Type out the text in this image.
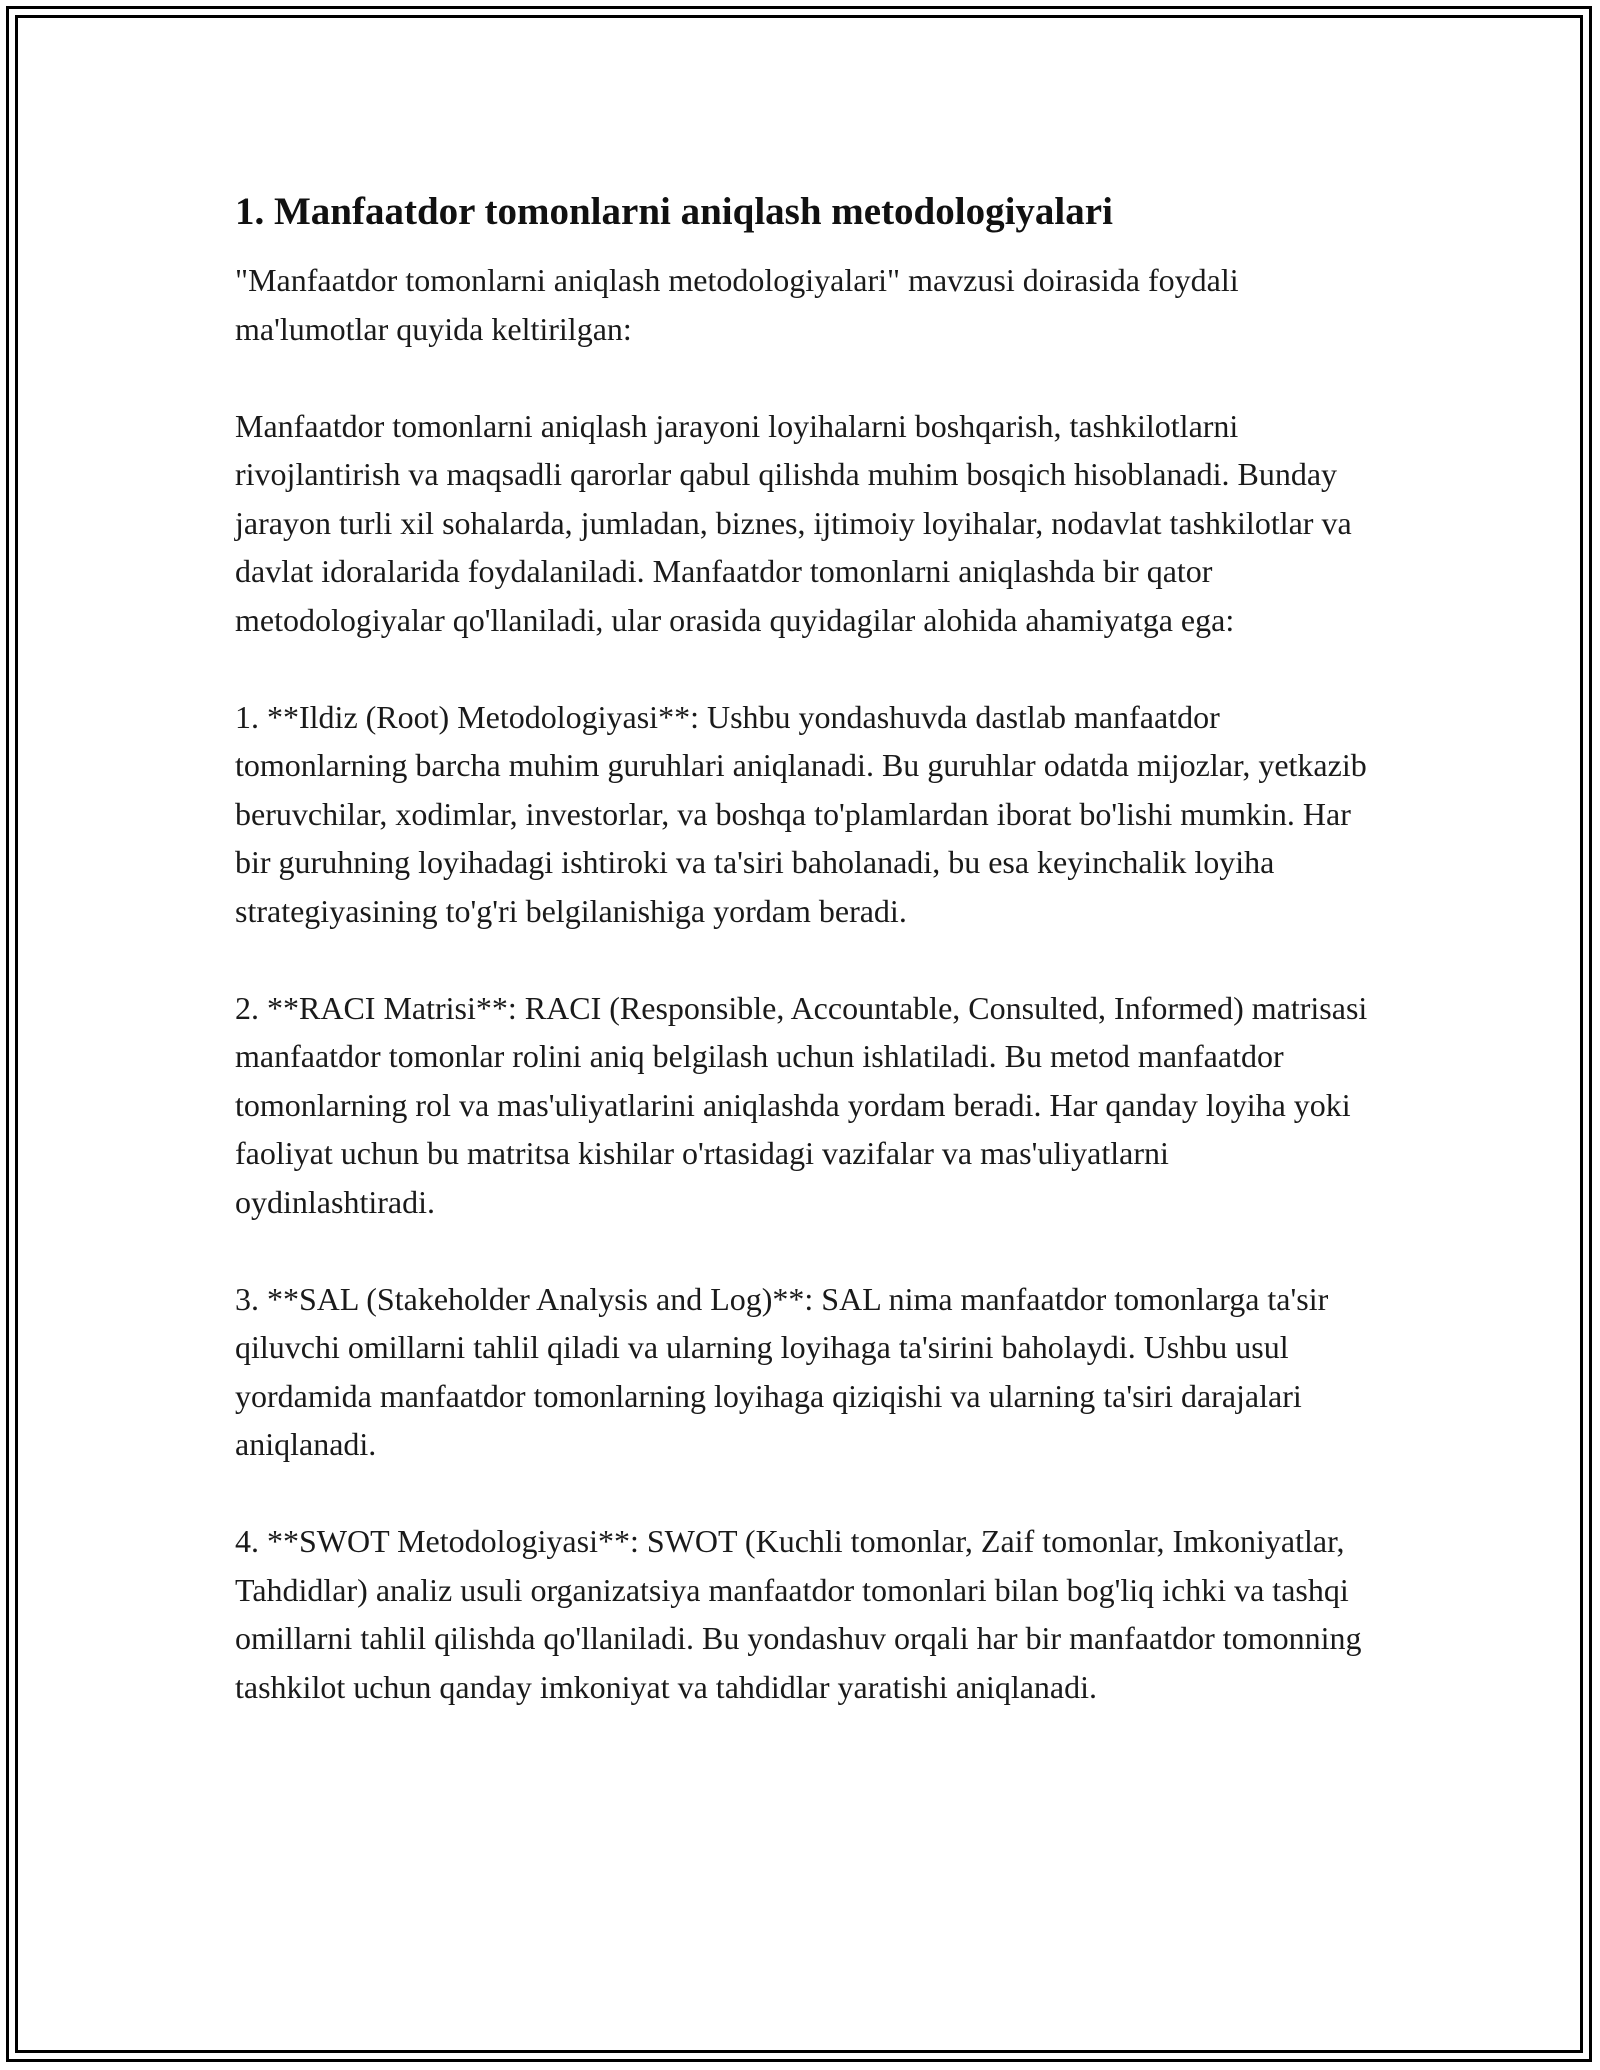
1. Manfaatdor tomonlarni aniqlash metodologiyalari

"Manfaatdor tomonlarni aniqlash metodologiyalari" mavzusi doirasida foydali ma'lumotlar quyida keltirilgan:

Manfaatdor tomonlarni aniqlash jarayoni loyihalarni boshqarish, tashkilotlarni rivojlantirish va maqsadli qarorlar qabul qilishda muhim bosqich hisoblanadi. Bunday jarayon turli xil sohalarda, jumladan, biznes, ijtimoiy loyihalar, nodavlat tashkilotlar va davlat idoralarida foydalaniladi. Manfaatdor tomonlarni aniqlashda bir qator metodologiyalar qo'llaniladi, ular orasida quyidagilar alohida ahamiyatga ega:

1. **Ildiz (Root) Metodologiyasi**: Ushbu yondashuvda dastlab manfaatdor tomonlarning barcha muhim guruhlari aniqlanadi. Bu guruhlar odatda mijozlar, yetkazib beruvchilar, xodimlar, investorlar, va boshqa to'plamlardan iborat bo'lishi mumkin. Har bir guruhning loyihadagi ishtiroki va ta'siri baholanadi, bu esa keyinchalik loyiha strategiyasining to'g'ri belgilanishiga yordam beradi.

2. **RACI Matrisi**: RACI (Responsible, Accountable, Consulted, Informed) matrisasi manfaatdor tomonlar rolini aniq belgilash uchun ishlatiladi. Bu metod manfaatdor tomonlarning rol va mas'uliyatlarini aniqlashda yordam beradi. Har qanday loyiha yoki faoliyat uchun bu matritsa kishilar o'rtasidagi vazifalar va mas'uliyatlarni oydinlashtiradi.

3. **SAL (Stakeholder Analysis and Log)**: SAL nima manfaatdor tomonlarga ta'sir qiluvchi omillarni tahlil qiladi va ularning loyihaga ta'sirini baholaydi. Ushbu usul yordamida manfaatdor tomonlarning loyihaga qiziqishi va ularning ta'siri darajalari aniqlanadi.

4. **SWOT Metodologiyasi**: SWOT (Kuchli tomonlar, Zaif tomonlar, Imkoniyatlar, Tahdidlar) analiz usuli organizatsiya manfaatdor tomonlari bilan bog'liq ichki va tashqi omillarni tahlil qilishda qo'llaniladi. Bu yondashuv orqali har bir manfaatdor tomonning tashkilot uchun qanday imkoniyat va tahdidlar yaratishi aniqlanadi.
